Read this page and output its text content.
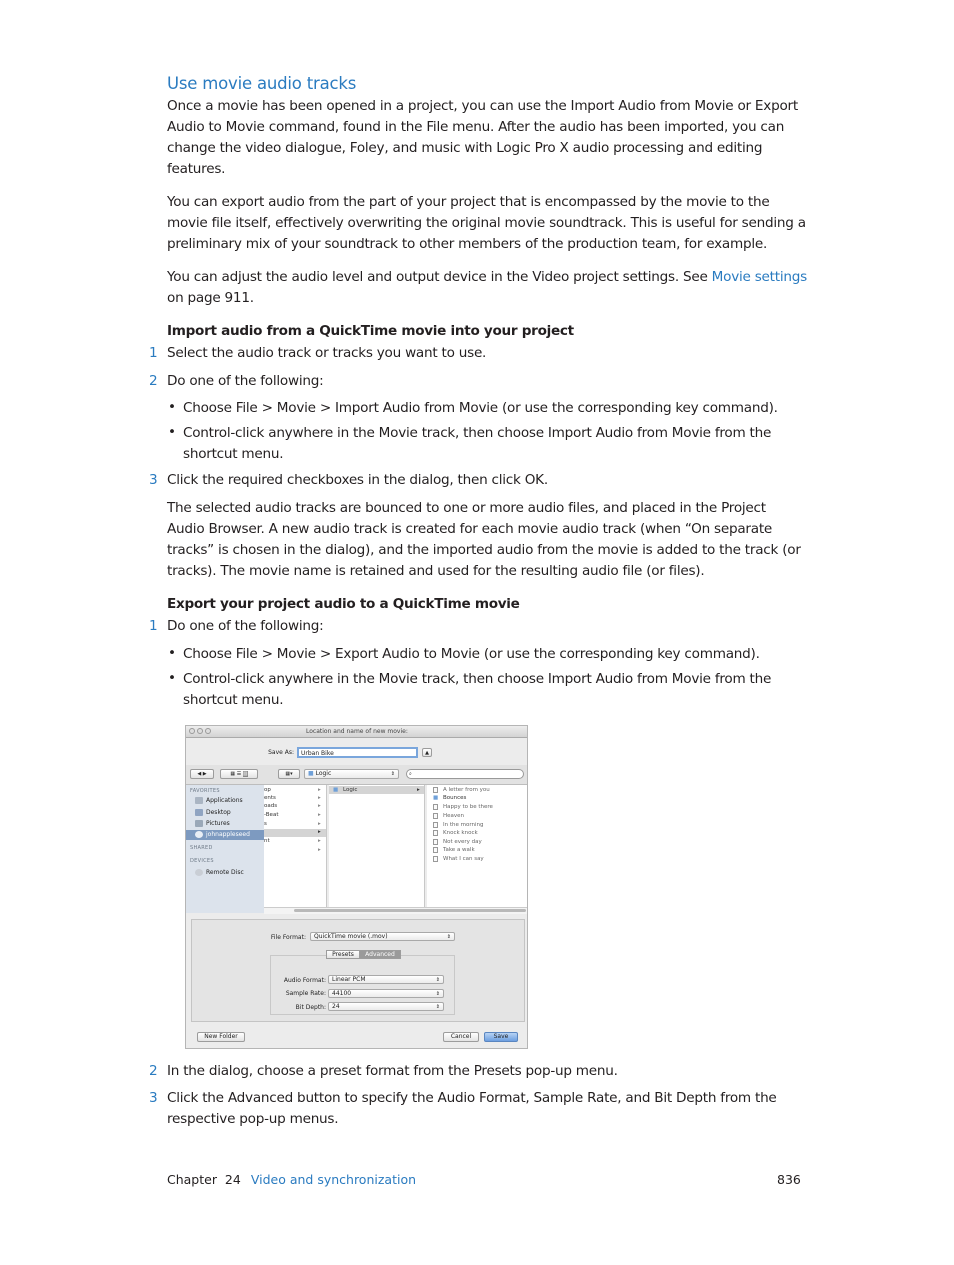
Use movie audio tracks

Once a movie has been opened in a project, you can use the Import Audio from Movie or Export Audio to Movie command, found in the File menu. After the audio has been imported, you can change the video dialogue, Foley, and music with Logic Pro X audio processing and editing features.

You can export audio from the part of your project that is encompassed by the movie to the movie file itself, effectively overwriting the original movie soundtrack. This is useful for sending a preliminary mix of your soundtrack to other members of the production team, for example.

You can adjust the audio level and output device in the Video project settings. See Movie settings on page 911.

Import audio from a QuickTime movie into your project
1 Select the audio track or tracks you want to use.
2 Do one of the following:
• Choose File > Movie > Import Audio from Movie (or use the corresponding key command).
• Control-click anywhere in the Movie track, then choose Import Audio from Movie from the shortcut menu.
3 Click the required checkboxes in the dialog, then click OK.
The selected audio tracks are bounced to one or more audio files, and placed in the Project Audio Browser. A new audio track is created for each movie audio track (when “On separate tracks” is chosen in the dialog), and the imported audio from the movie is added to the track (or tracks). The movie name is retained and used for the resulting audio file (or files).
Export your project audio to a QuickTime movie
1 Do one of the following:
• Choose File > Movie > Export Audio to Movie (or use the corresponding key command).
• Control-click anywhere in the Movie track, then choose Import Audio from Movie from the shortcut menu.
Location and name of new movie:
Save As:	Urban Bike	▲
◀ ▶	▦ ☰ ▥	▦▾	■ Logic	⇕	⌕
FAVORITES
Applications
Desktop
Pictures
johnappleseed
SHARED
DEVICES
Remote Disc
op
ents
oads
-Beat
s
nt
▸
▸
▸
▸
▸
▸
▸
▸
■ Logic	▸	A letter from you
■ Bounces
Happy to be there
Heaven
In the morning
Knock knock
Not every day
Take a walk
What I can say
File Format:	QuickTime movie (.mov)	⇕
Presets	Advanced
Audio Format:	Linear PCM	⇕
Sample Rate:	44100	⇕
Bit Depth:	24	⇕
New Folder	Cancel	Save
2 In the dialog, choose a preset format from the Presets pop-up menu.
3 Click the Advanced button to specify the Audio Format, Sample Rate, and Bit Depth from the respective pop-up menus.
Chapter  24 Video and synchronization	836
